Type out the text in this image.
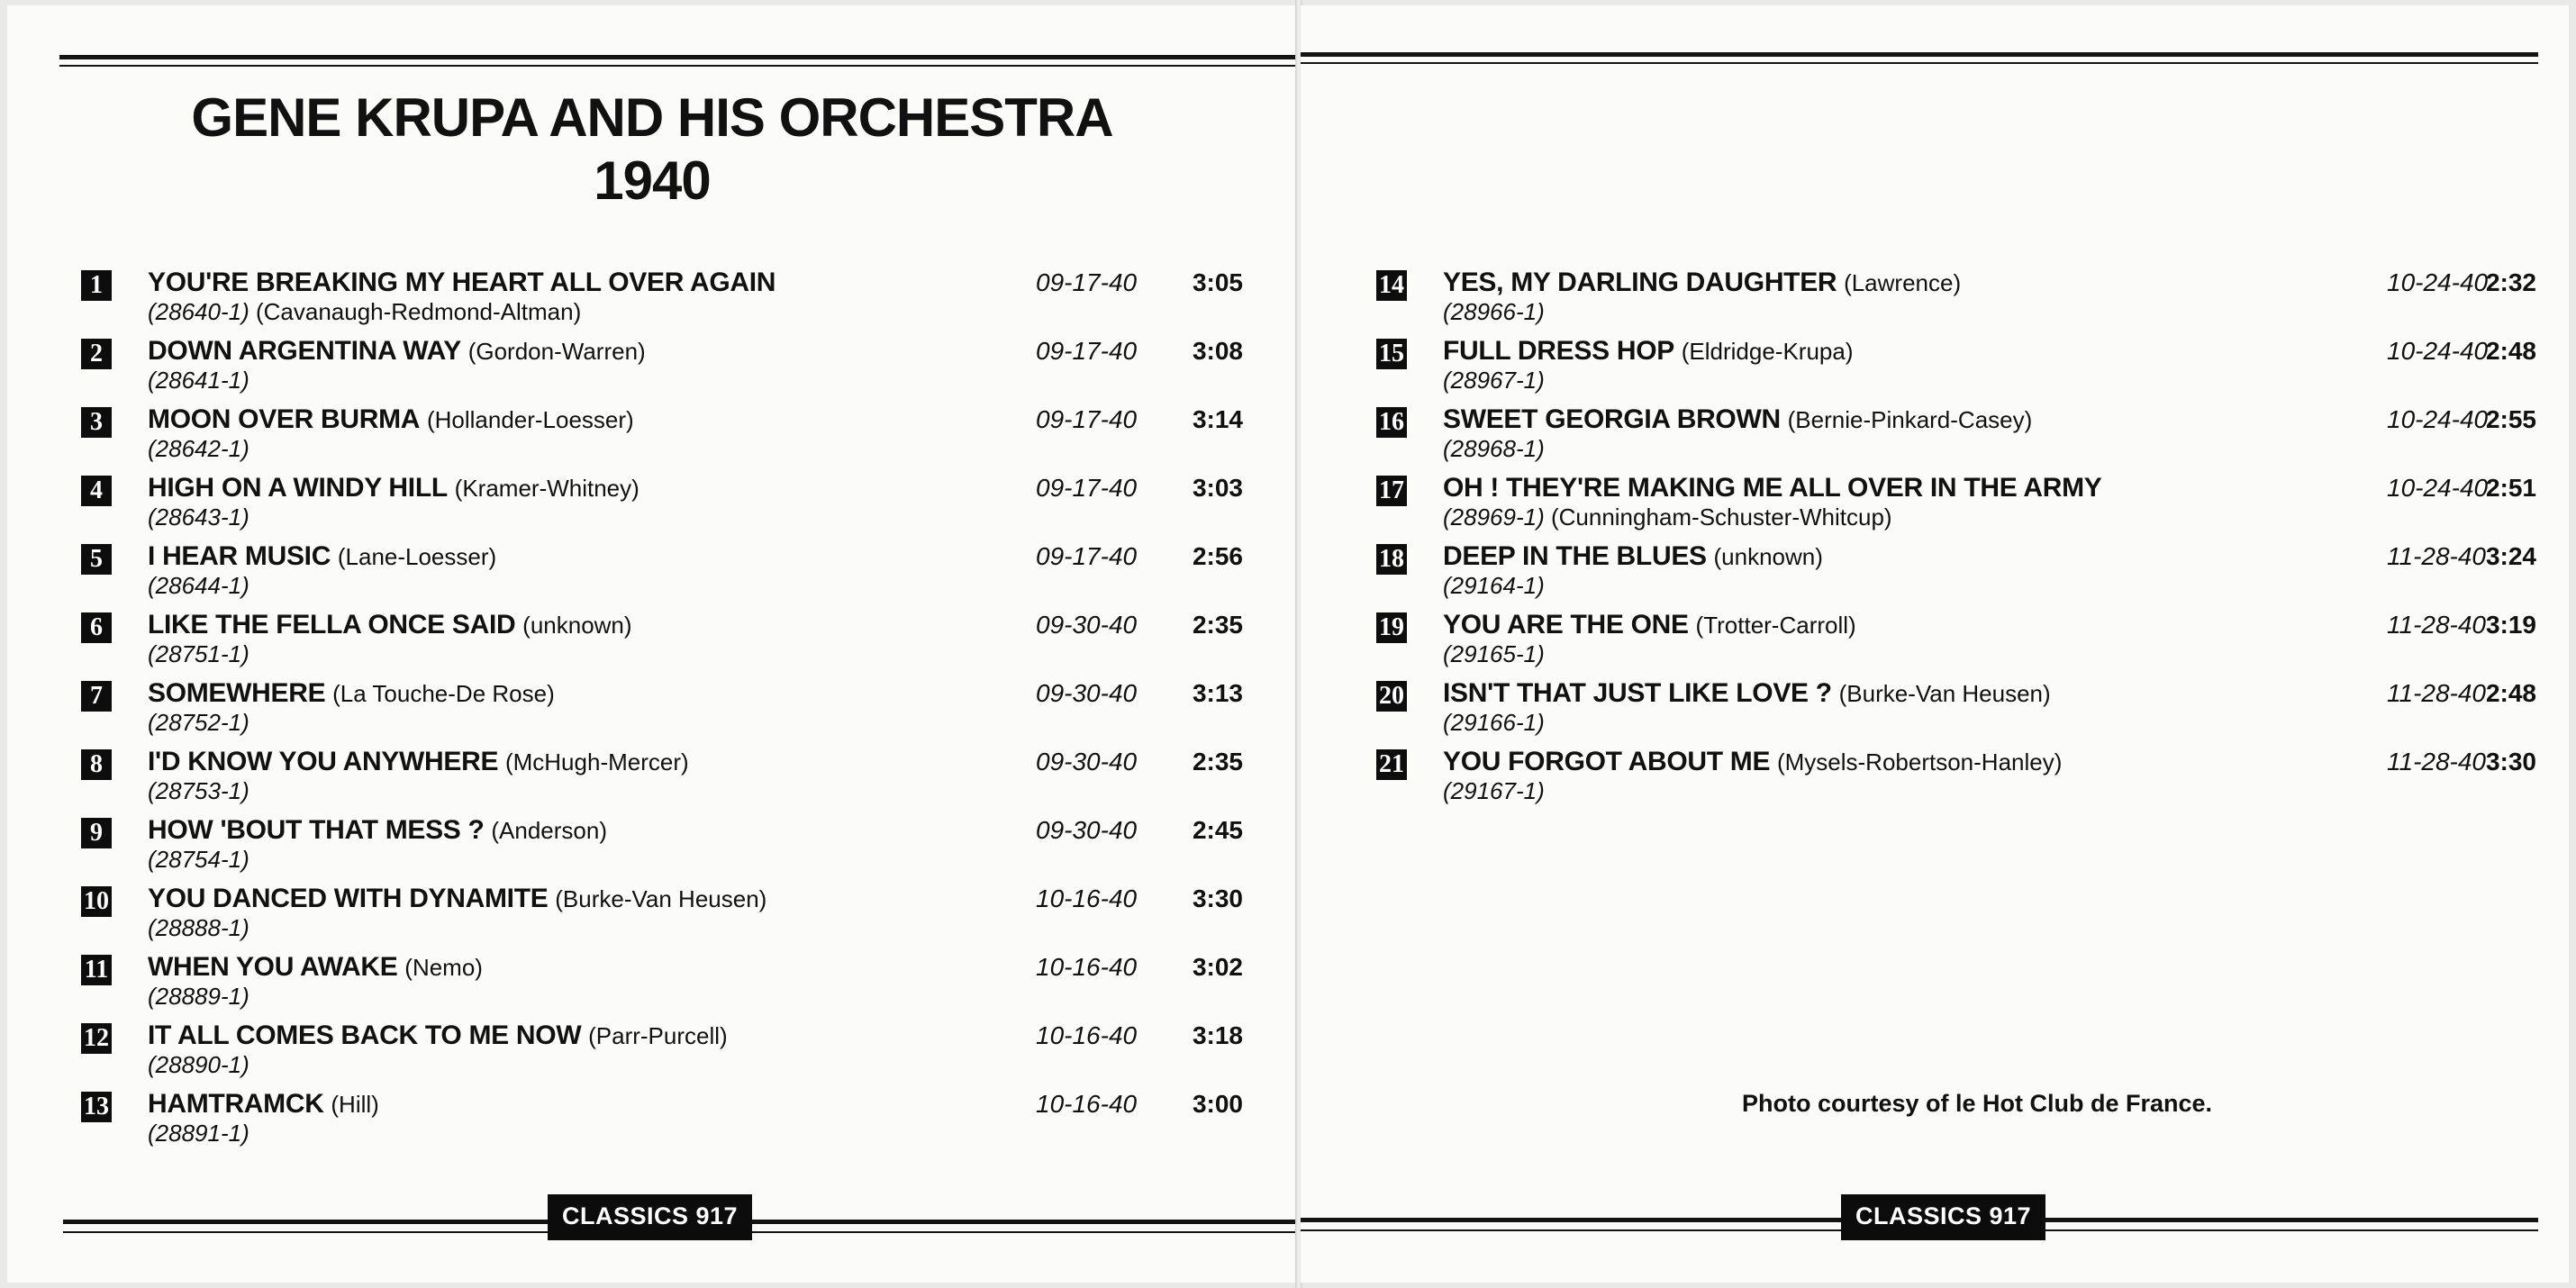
GENE KRUPA AND HIS ORCHESTRA
1940
1	YOU'RE BREAKING MY HEART ALL OVER AGAIN
(28640-1) (Cavanaugh-Redmond-Altman)
09-17-40	3:05
2	DOWN ARGENTINA WAY (Gordon-Warren)
(28641-1)
09-17-40	3:08
3	MOON OVER BURMA (Hollander-Loesser)
(28642-1)
09-17-40	3:14
4	HIGH ON A WINDY HILL (Kramer-Whitney)
(28643-1)
09-17-40	3:03
5	I HEAR MUSIC (Lane-Loesser)
(28644-1)
09-17-40	2:56
6	LIKE THE FELLA ONCE SAID (unknown)
(28751-1)
09-30-40	2:35
7	SOMEWHERE (La Touche-De Rose)
(28752-1)
09-30-40	3:13
8	I'D KNOW YOU ANYWHERE (McHugh-Mercer)
(28753-1)
09-30-40	2:35
9	HOW 'BOUT THAT MESS ? (Anderson)
(28754-1)
09-30-40	2:45
10 YOU DANCED WITH DYNAMITE (Burke-Van Heusen)
(28888-1)
10-16-40	3:30
11 WHEN YOU AWAKE (Nemo)
(28889-1)
10-16-40	3:02
12 IT ALL COMES BACK TO ME NOW (Parr-Purcell)
(28890-1)
10-16-40	3:18
13 HAMTRAMCK (Hill)
(28891-1)
10-16-40	3:00
CLASSICS 917
14 YES, MY DARLING DAUGHTER (Lawrence)
(28966-1)
10-24-40
2:32
15 FULL DRESS HOP (Eldridge-Krupa)
(28967-1)
10-24-40
2:48
16 SWEET GEORGIA BROWN (Bernie-Pinkard-Casey)
(28968-1)
10-24-40
2:55
17 OH ! THEY'RE MAKING ME ALL OVER IN THE ARMY
(28969-1) (Cunningham-Schuster-Whitcup)
10-24-40
2:51
18 DEEP IN THE BLUES (unknown)
(29164-1)
11-28-40 3:24
19 YOU ARE THE ONE (Trotter-Carroll)
(29165-1)
11-28-40 3:19
20 ISN'T THAT JUST LIKE LOVE ? (Burke-Van Heusen)
(29166-1)
11-28-40 2:48
21 YOU FORGOT ABOUT ME (Mysels-Robertson-Hanley)
(29167-1)
11-28-40 3:30
Photo courtesy of le Hot Club de France.
CLASSICS 917
